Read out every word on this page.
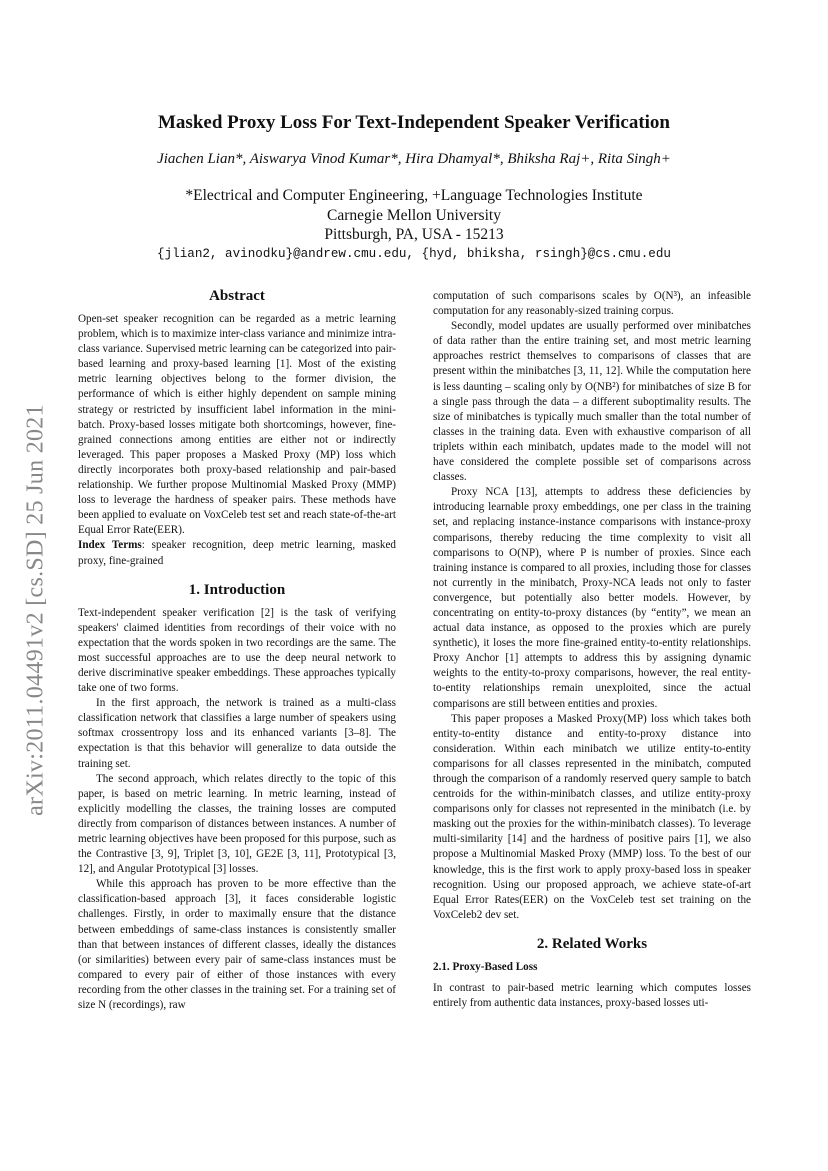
arXiv:2011.04491v2 [cs.SD] 25 Jun 2021
Masked Proxy Loss For Text-Independent Speaker Verification
Jiachen Lian*, Aiswarya Vinod Kumar*, Hira Dhamyal*, Bhiksha Raj+, Rita Singh+
*Electrical and Computer Engineering, +Language Technologies Institute
Carnegie Mellon University
Pittsburgh, PA, USA - 15213
{jlian2, avinodku}@andrew.cmu.edu, {hyd, bhiksha, rsingh}@cs.cmu.edu
Abstract

Open-set speaker recognition can be regarded as a metric learning problem, which is to maximize inter-class variance and minimize intra-class variance. Supervised metric learning can be categorized into pair-based learning and proxy-based learning [1]. Most of the existing metric learning objectives belong to the former division, the performance of which is either highly dependent on sample mining strategy or restricted by insufficient label information in the mini-batch. Proxy-based losses mitigate both shortcomings, however, fine-grained connections among entities are either not or indirectly leveraged. This paper proposes a Masked Proxy (MP) loss which directly incorporates both proxy-based relationship and pair-based relationship. We further propose Multinomial Masked Proxy (MMP) loss to leverage the hardness of speaker pairs. These methods have been applied to evaluate on VoxCeleb test set and reach state-of-the-art Equal Error Rate(EER).

Index Terms: speaker recognition, deep metric learning, masked proxy, fine-grained

1. Introduction

Text-independent speaker verification [2] is the task of verifying speakers' claimed identities from recordings of their voice with no expectation that the words spoken in two recordings are the same. The most successful approaches are to use the deep neural network to derive discriminative speaker embeddings. These approaches typically take one of two forms.

In the first approach, the network is trained as a multi-class classification network that classifies a large number of speakers using softmax crossentropy loss and its enhanced variants [3–8]. The expectation is that this behavior will generalize to data outside the training set.

The second approach, which relates directly to the topic of this paper, is based on metric learning. In metric learning, instead of explicitly modelling the classes, the training losses are computed directly from comparison of distances between instances. A number of metric learning objectives have been proposed for this purpose, such as the Contrastive [3, 9], Triplet [3, 10], GE2E [3, 11], Prototypical [3, 12], and Angular Prototypical [3] losses.

While this approach has proven to be more effective than the classification-based approach [3], it faces considerable logistic challenges. Firstly, in order to maximally ensure that the distance between embeddings of same-class instances is consistently smaller than that between instances of different classes, ideally the distances (or similarities) between every pair of same-class instances must be compared to every pair of either of those instances with every recording from the other classes in the training set. For a training set of size N (recordings), raw

computation of such comparisons scales by O(N³), an infeasible computation for any reasonably-sized training corpus.

Secondly, model updates are usually performed over minibatches of data rather than the entire training set, and most metric learning approaches restrict themselves to comparisons of classes that are present within the minibatches [3, 11, 12]. While the computation here is less daunting – scaling only by O(NB²) for minibatches of size B for a single pass through the data – a different suboptimality results. The size of minibatches is typically much smaller than the total number of classes in the training data. Even with exhaustive comparison of all triplets within each minibatch, updates made to the model will not have considered the complete possible set of comparisons across classes.

Proxy NCA [13], attempts to address these deficiencies by introducing learnable proxy embeddings, one per class in the training set, and replacing instance-instance comparisons with instance-proxy comparisons, thereby reducing the time complexity to visit all comparisons to O(NP), where P is number of proxies. Since each training instance is compared to all proxies, including those for classes not currently in the minibatch, Proxy-NCA leads not only to faster convergence, but potentially also better models. However, by concentrating on entity-to-proxy distances (by “entity”, we mean an actual data instance, as opposed to the proxies which are purely synthetic), it loses the more fine-grained entity-to-entity relationships. Proxy Anchor [1] attempts to address this by assigning dynamic weights to the entity-to-proxy comparisons, however, the real entity-to-entity relationships remain unexploited, since the actual comparisons are still between entities and proxies.

This paper proposes a Masked Proxy(MP) loss which takes both entity-to-entity distance and entity-to-proxy distance into consideration. Within each minibatch we utilize entity-to-entity comparisons for all classes represented in the minibatch, computed through the comparison of a randomly reserved query sample to batch centroids for the within-minibatch classes, and utilize entity-proxy comparisons only for classes not represented in the minibatch (i.e. by masking out the proxies for the within-minibatch classes). To leverage multi-similarity [14] and the hardness of positive pairs [1], we also propose a Multinomial Masked Proxy (MMP) loss. To the best of our knowledge, this is the first work to apply proxy-based loss in speaker recognition. Using our proposed approach, we achieve state-of-art Equal Error Rates(EER) on the VoxCeleb test set training on the VoxCeleb2 dev set.

2. Related Works
2.1. Proxy-Based Loss

In contrast to pair-based metric learning which computes losses entirely from authentic data instances, proxy-based losses uti-
